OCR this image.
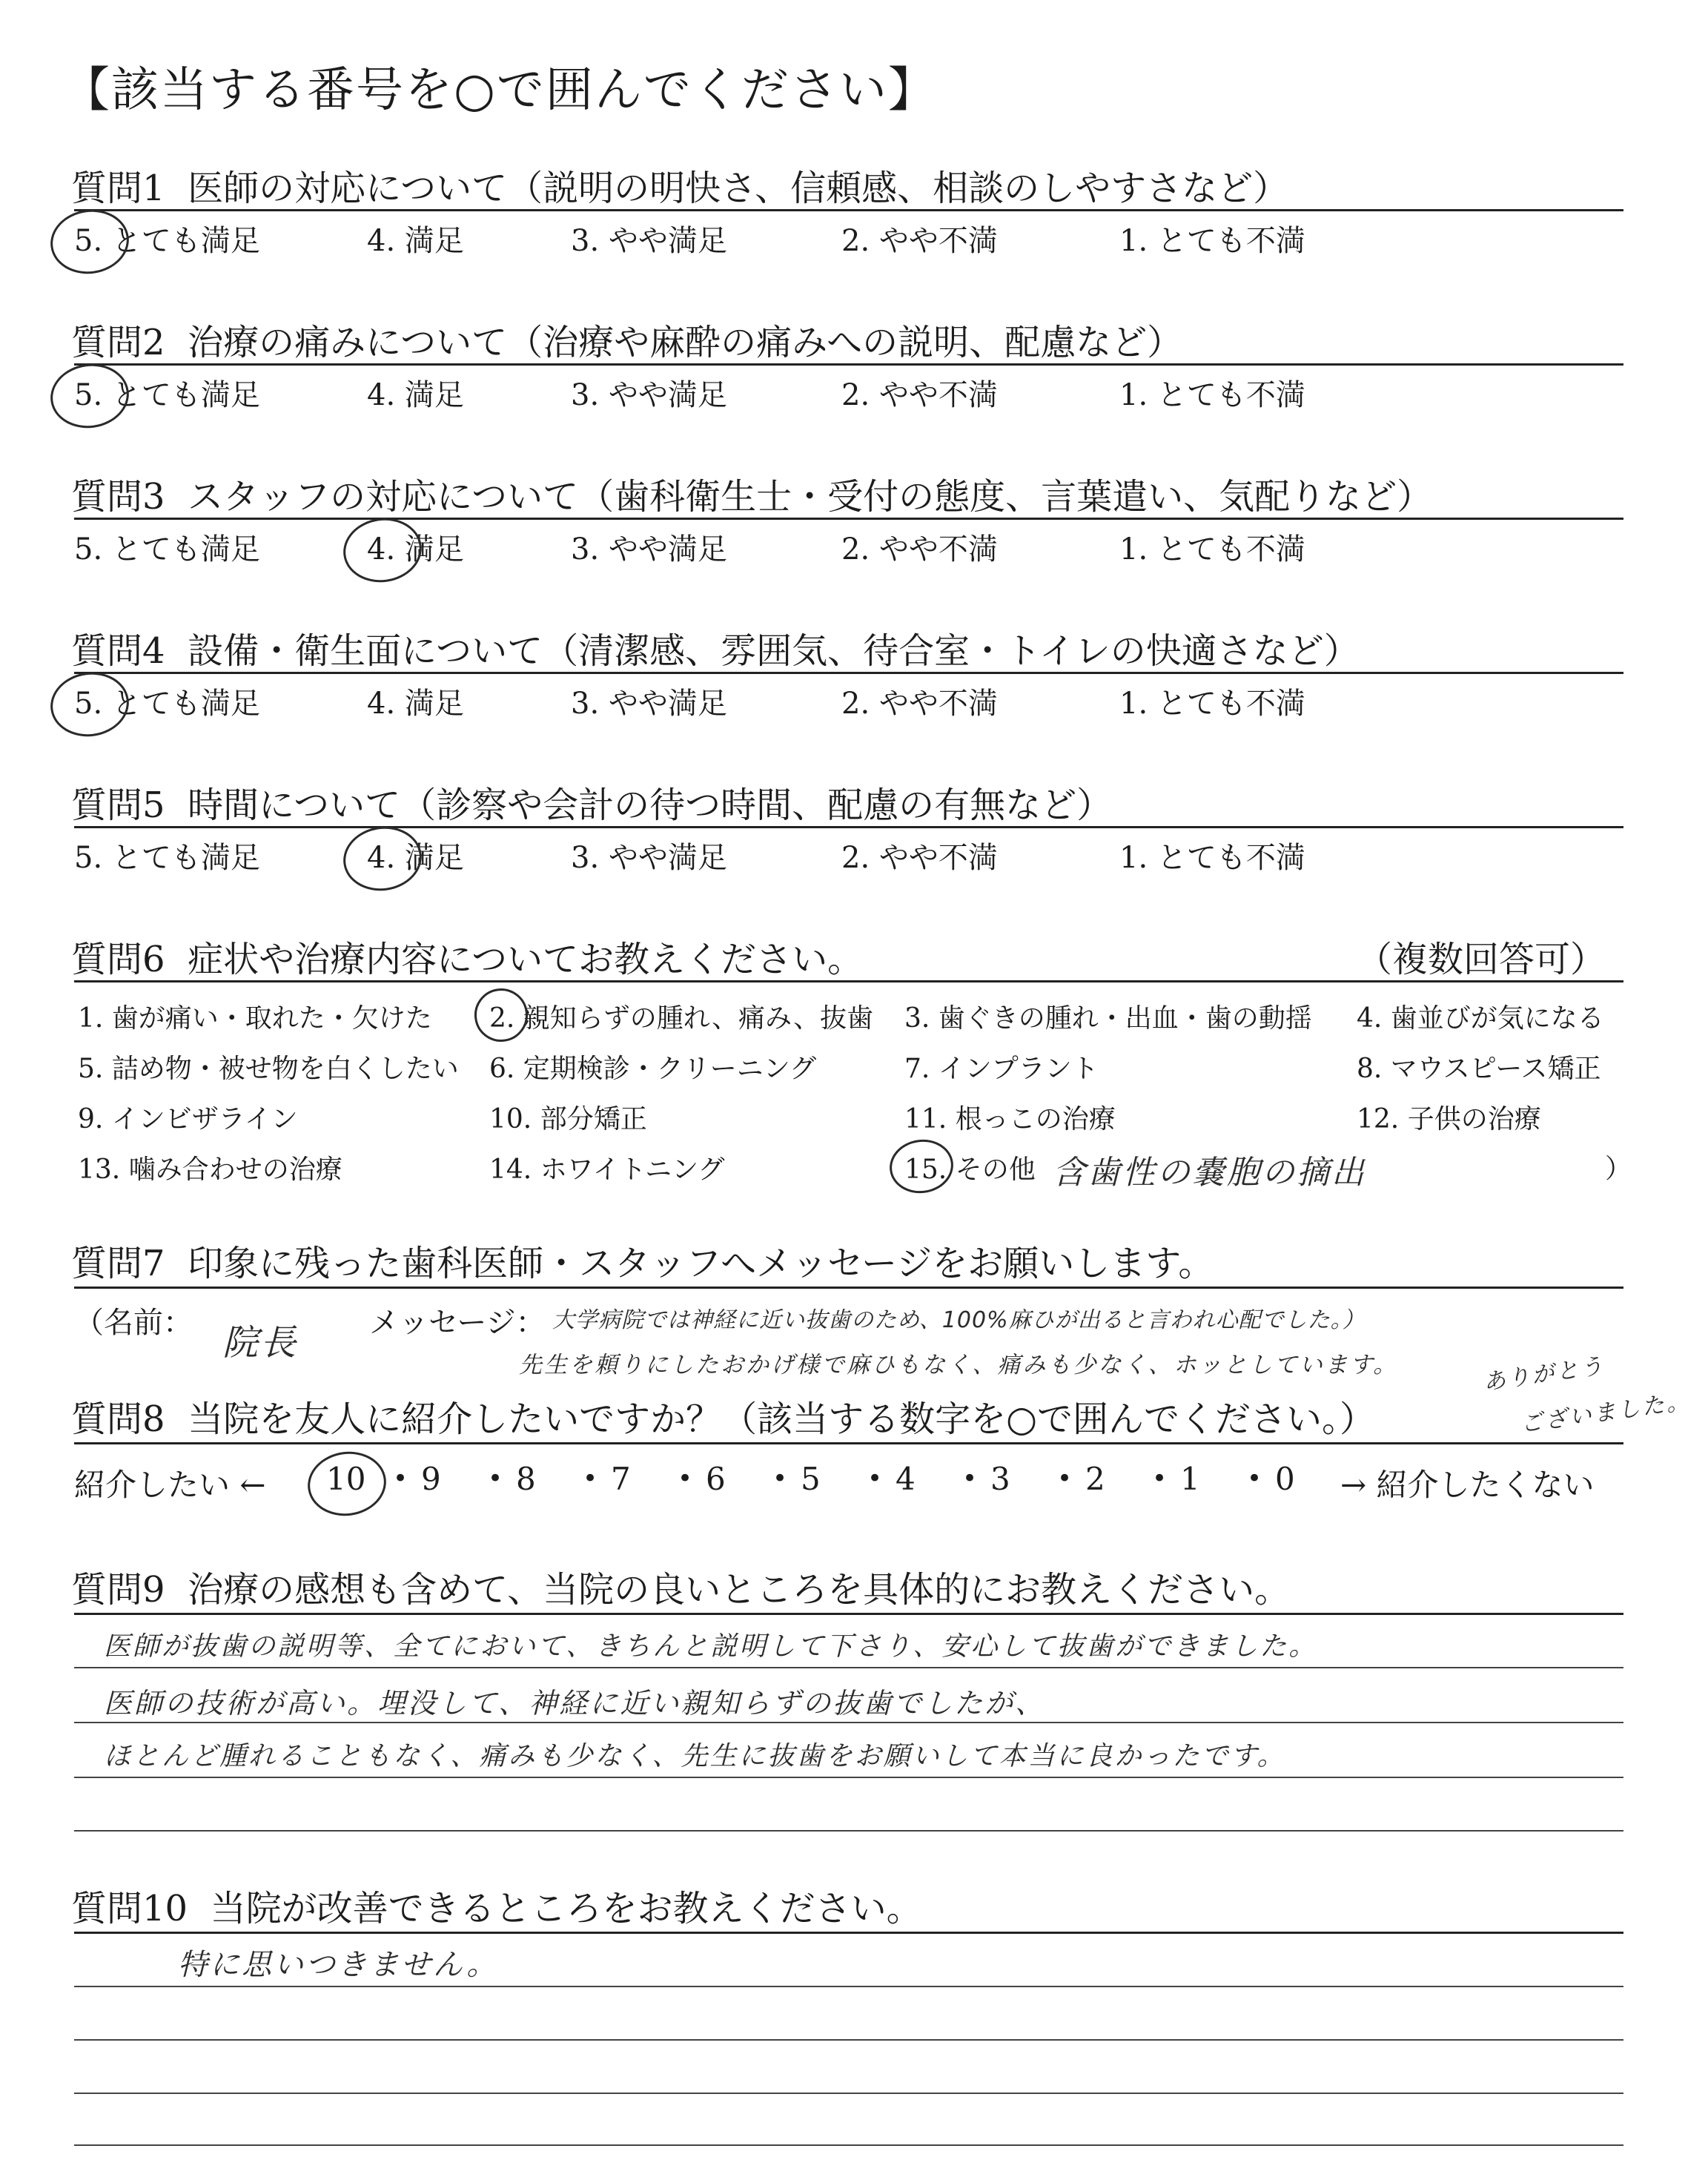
【該当する番号を○で囲んでください】
質問1 医師の対応について（説明の明快さ、信頼感、相談のしやすさなど）
5. とても満足	4. 満足	3. やや満足	2. やや不満	1. とても不満
質問2 治療の痛みについて（治療や麻酔の痛みへの説明、配慮など）
5. とても満足	4. 満足	3. やや満足	2. やや不満	1. とても不満
質問3 スタッフの対応について（歯科衛生士・受付の態度、言葉遣い、気配りなど）
5. とても満足	4. 満足	3. やや満足	2. やや不満	1. とても不満
質問4 設備・衛生面について（清潔感、雰囲気、待合室・トイレの快適さなど）
5. とても満足	4. 満足	3. やや満足	2. やや不満	1. とても不満
質問5 時間について（診察や会計の待つ時間、配慮の有無など）
5. とても満足	4. 満足	3. やや満足	2. やや不満	1. とても不満
質問6 症状や治療内容についてお教えください。	（複数回答可）
1. 歯が痛い・取れた・欠けた 2. 親知らずの腫れ、痛み、抜歯 3. 歯ぐきの腫れ・出血・歯の動揺 4. 歯並びが気になる
5. 詰め物・被せ物を白くしたい 6. 定期検診・クリーニング	7. インプラント	8. マウスピース矯正
9. インビザライン	10. 部分矯正	11. 根っこの治療	12. 子供の治療
13. 噛み合わせの治療	14. ホワイトニング	15. その他 含歯性の嚢胞の摘出	）
質問7 印象に残った歯科医師・スタッフへメッセージをお願いします。
（名前： 院長 メッセージ： 大学病院では神経に近い抜歯のため、100%麻ひが出ると言われ心配でした。）
先生を頼りにしたおかげ様で麻ひもなく、痛みも少なく、ホッとしています。	ありがとう
ございました。
質問8 当院を友人に紹介したいですか？（該当する数字を○で囲んでください。）
紹介したい ← 10 • 9 • 8 • 7 • 6 • 5 • 4 • 3 • 2 • 1 • 0 → 紹介したくない
質問9 治療の感想も含めて、当院の良いところを具体的にお教えください。
医師が抜歯の説明等、全てにおいて、きちんと説明して下さり、安心して抜歯ができました。
医師の技術が高い。埋没して、神経に近い親知らずの抜歯でしたが、
ほとんど腫れることもなく、痛みも少なく、先生に抜歯をお願いして本当に良かったです。
質問10 当院が改善できるところをお教えください。
特に思いつきません。
